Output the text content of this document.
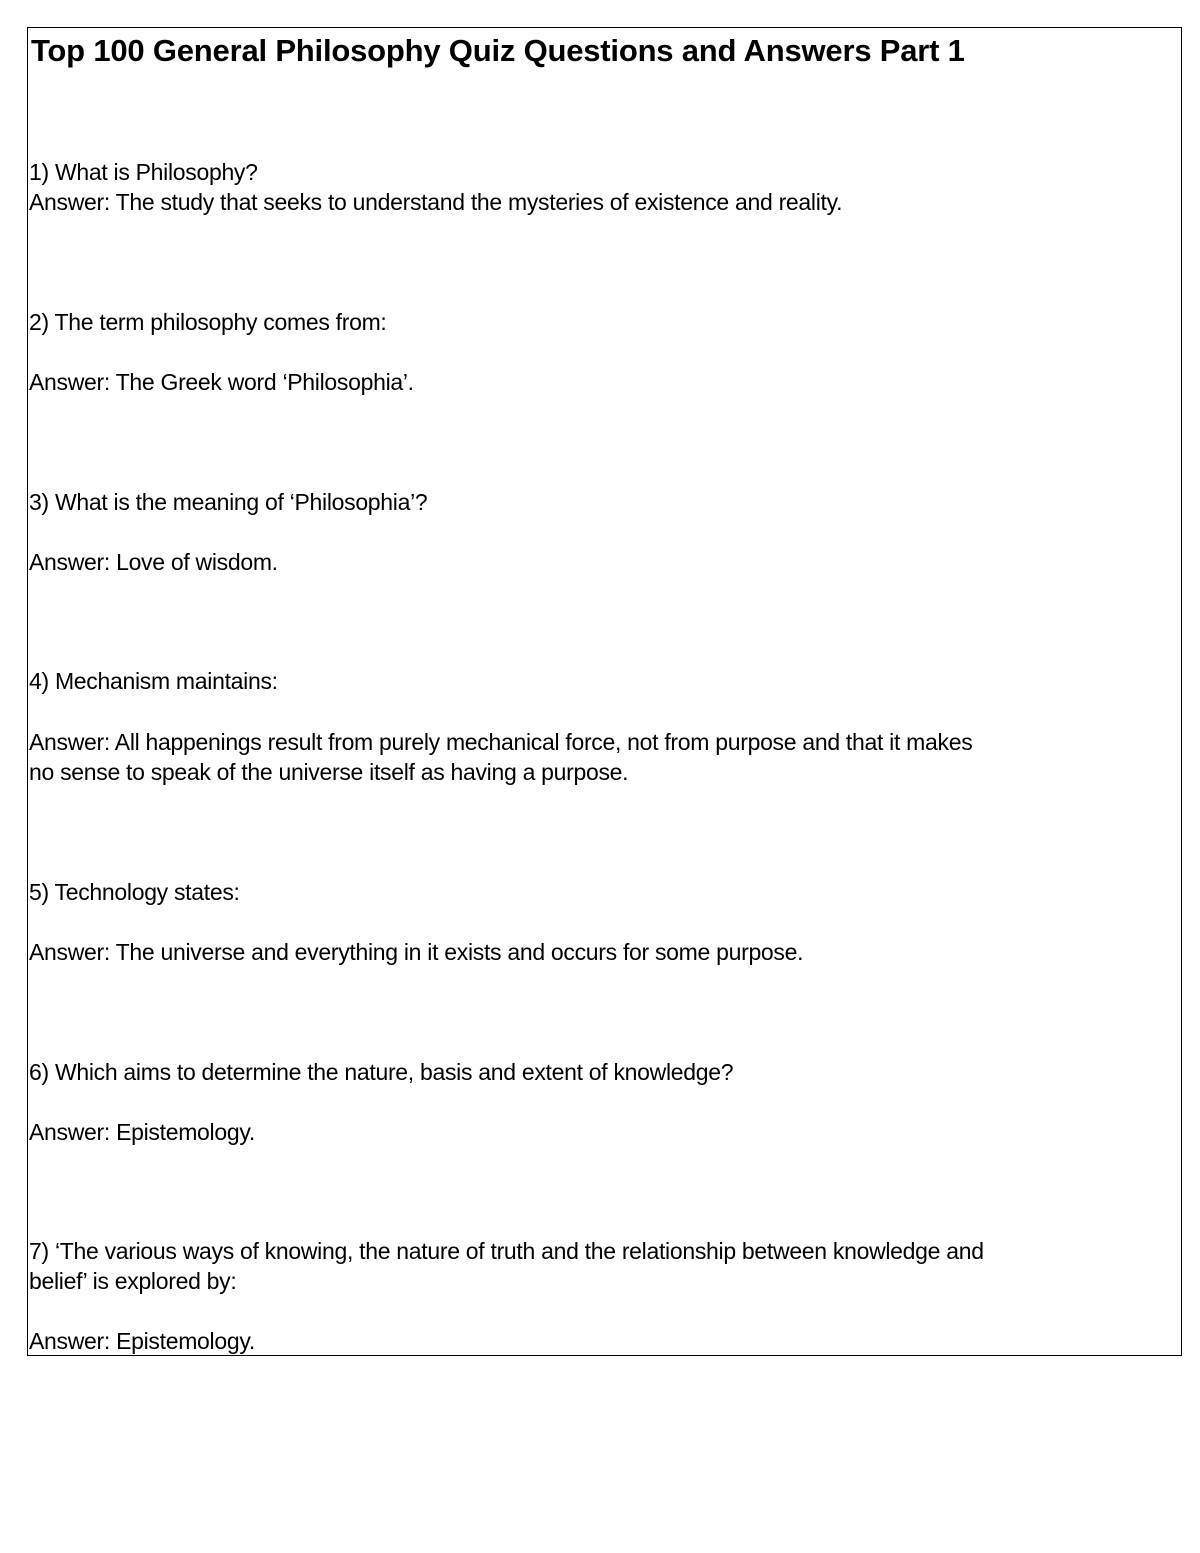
Top 100 General Philosophy Quiz Questions and Answers Part 1

1) What is Philosophy?

Answer: The study that seeks to understand the mysteries of existence and reality.

2) The term philosophy comes from:

Answer: The Greek word ‘Philosophia’.

3) What is the meaning of ‘Philosophia’?

Answer: Love of wisdom.

4) Mechanism maintains:

Answer: All happenings result from purely mechanical force, not from purpose and that it makes

no sense to speak of the universe itself as having a purpose.

5) Technology states:

Answer: The universe and everything in it exists and occurs for some purpose.

6) Which aims to determine the nature, basis and extent of knowledge?

Answer: Epistemology.

7) ‘The various ways of knowing, the nature of truth and the relationship between knowledge and

belief’ is explored by:

Answer: Epistemology.
